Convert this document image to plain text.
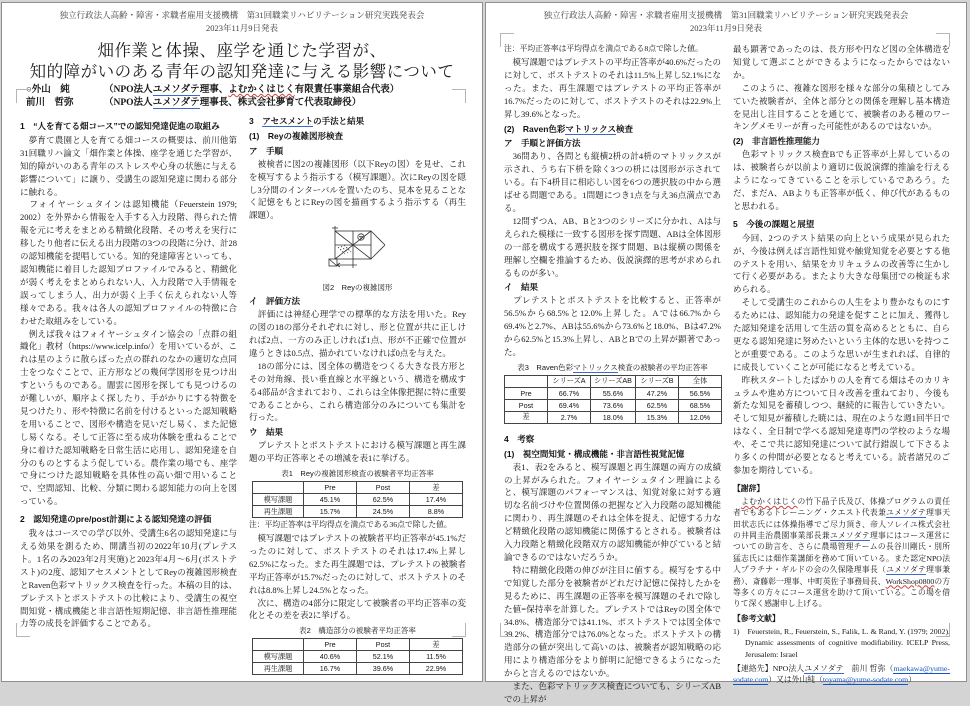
独立行政法人高齢・障害・求職者雇用支援機構　第31回職業リハビリテーション研究実践発表会
2023年11月9日発表
畑作業と体操、座学を通じた学習が、
知的障がいのある青年の認知発達に与える影響について
○外山　純	（NPO法人ユメソダテ理事、よむかくはじく有限責任事業組合代表）
前川　哲弥	（NPO法人ユメソダテ理事長、株式会社夢育て代表取締役）
1　“人を育てる畑コース”での認知発達促進の取組み

　夢育て農園と人を育てる畑コースの概要は、前川他第31回職リハ論文「畑作業と体操、座学を通じた学習が、知的障がいのある青年のストレスや心身の状態に与える影響について」に譲り、受講生の認知発達に関わる部分に触れる。

　フォイヤーシュタインは認知機能（Feuerstein 1979; 2002）を外界から情報を入手する入力段階、得られた情報を元に考えをまとめる精緻化段階、その考えを実行に移したり他者に伝える出力段階の3つの段階に分け、計28の認知機能を提唱している。知的発達障害といっても、認知機能に着目した認知プロファイルでみると、精緻化が弱く考えをまとめられない人、入力段階で入手情報を誤ってしまう人、出力が弱く上手く伝えられない人等様々である。我々は各人の認知プロファイルの特徴に合わせた取組みをしている。

　例えば我々はフォイヤーシュタイン協会の「点群の組織化」教材（https://www.icelp.info/）を用いているが、これは星のように散らばった点の群れのなかの適切な点同士をつなぐことで、正方形などの幾何学図形を見つけ出すというものである。闇雲に図形を探しても見つけるのが難しいが、順序よく探したり、手がかりにする特徴を見つけたり、形や特徴に名前を付けるといった認知戦略を用いることで、図形や構造を見いだし易く、また記憶し易くなる。そして正答に至る成功体験を重ねることで身に着けた認知戦略を日常生活に応用し、認知発達を自分のものとするよう促している。農作業の場でも、座学で身につけた認知戦略を具体性の高い畑で用いることで、空間認知、比較、分類に関わる認知能力の向上を図っている。

2　認知発達のpre/post計測による認知発達の評価

　我々はコースでの学び以外、受講生6名の認知発達に与える効果を測るため、開講当初の2022年10月(プレテスト。1名のみ2023年2月実施)と2023年4月～6月(ポストテスト)の2度、認知アセスメントとしてReyの複雑図形検査とRaven色彩マトリックス検査を行った。本稿の目的は、プレテストとポストテストの比較により、受講生の視空間知覚・構成機能と非言語性短期記憶、非言語性推理能力等の成長を評価することである。

3　アセスメントの手法と結果
(1)　Reyの複雑図形検査
ア　手順

　被検者に図2の複雑図形（以下Reyの図）を見せ、これを模写するよう指示する（模写課題）。次にReyの図を隠し3分間のインターバルを置いたのち、見本を見ることなく記憶をもとにReyの図を描画するよう指示する（再生課題）。

図2　Reyの複雑図形
イ　評価方法

　評価には神経心理学での標準的な方法を用いた。Reyの図の18の部分それぞれに対し、形と位置が共に正しければ2点、一方のみ正しければ1点、形が不正確で位置が違うときは0.5点、描かれていなければ0点を与えた。

　18の部分には、図全体の構造をつくる大きな長方形とその対角線、長い垂直線と水平線という、構造を構成する4部品が含まれており、これらは全体像把握に特に重要であることから、これら構造部分のみについても集計を行った。

ウ　結果

　プレテストとポストテストにおける模写課題と再生課題の平均正答率とその増減を表1に挙げる。

表1　Reyの複雑図形検査の被験者平均正答率
	Pre	Post	差
模写課題	45.1%	62.5%	17.4%
再生課題	15.7%	24.5%	8.8%
注：平均正答率は平均得点を満点である36点で除した値。

　模写課題ではプレテストの被験者平均正答率が45.1%だったのに対して、ポストテストのそれは17.4%上昇し62.5%になった。また再生課題では、プレテストの被験者平均正答率が15.7%だったのに対して、ポストテストのそれは8.8%上昇し24.5%となった。

　次に、構造の4部分に限定して被験者の平均正答率の変化とその差を表2に挙げる。

表2　構造部分の被験者平均正答率
	Pre	Post	差
模写課題	40.6%	52.1%	11.5%
再生課題	16.7%	39.6%	22.9%
独立行政法人高齢・障害・求職者雇用支援機構　第31回職業リハビリテーション研究実践発表会
2023年11月9日発表
注：平均正答率は平均得点を満点である8点で除した値。

　模写課題ではプレテストの平均正答率が40.6%だったのに対して、ポストテストのそれは11.5%上昇し52.1%になった。また、再生課題ではプレテストの平均正答率が16.7%だったのに対して、ポストテストのそれは22.9%上昇し39.6%となった。

(2)　Raven色彩マトリックス検査
ア　手順と評価方法

　36問あり、各問とも縦横2枡の計4枡のマトリックスが示され、うち右下枡を除く3つの枡には図形が示されている。右下4枡目に相応しい図を6つの選択肢の中から選ばせる問題である。1問題につき1点を与え36点満点である。

　12問ずつA、AB、Bと3つのシリーズに分かれ、Aは与えられた模様に一致する図形を探す問題、ABは全体図形の一部を構成する選択肢を探す問題、Bは縦横の関係を理解し空欄を推論するため、仮説演繹的思考が求められるものが多い。

イ　結果

　プレテストとポストテストを比較すると、正答率が56.5%から68.5%と12.0%上昇した。Aでは66.7%から69.4%と2.7%、ABは55.6%から73.6%と18.0%、Bは47.2%から62.5%と15.3%上昇し、ABとBでの上昇が顕著であった。

表3　Raven色彩マトリックス検査の被験者の平均正答率
	シリーズA	シリーズAB	シリーズB	全体
Pre	66.7%	55.6%	47.2%	56.5%
Post	69.4%	73.6%	62.5%	68.5%
差	2.7%	18.0%	15.3%	12.0%
4　考察
(1)　視空間知覚・構成機能・非言語性視覚記憶

　表1、表2をみると、模写課題と再生課題の両方の成績の上昇がみられた。フォイヤーシュタイン理論によると、模写課題のパフォーマンスは、知覚対象に対する適切な名前づけや位置関係の把握など入力段階の認知機能に関わり、再生課題のそれは全体を捉え、記憶する力など精緻化段階の認知機能に関係するとされる。被験者は入力段階と精緻化段階双方の認知機能が伸びていると結論できるのではないだろうか。

　特に精緻化段階の伸びが注目に値する。模写をする中で知覚した部分を被験者がどれだけ記憶に保持したかを見るために、再生課題の正答率を模写課題のそれで除した値=保持率を計算した。プレテストではReyの図全体で34.8%、構造部分では41.1%、ポストテストでは図全体で39.2%、構造部分では76.0%となった。ポストテストの構造部分の値が突出して高いのは、被験者が認知戦略の応用により構造部分をより鮮明に記憶できるようになったからと言えるのではないか。

　また、色彩マトリックス検査についても、シリーズABでの上昇が

最も顕著であったのは、長方形や円など図の全体構造を知覚して選ぶことができるようになったからではないか。

　このように、複雑な図形を様々な部分の集積としてみていた被験者が、全体と部分との関係を理解し基本構造を見出し注目することを通じて、被験者のある種のワーキングメモリーが育った可能性があるのではないか。

(2)　非言語性推理能力

　色彩マトリックス検査Bでも正答率が上昇しているのは、被験者らが以前より適切に仮説演繹的推論を行えるようになってきていることを示しているであろう。ただ、まだA、ABよりも正答率が低く、伸び代があるものと思われる。

5　今後の課題と展望

　今回、2つのテスト結果の向上という成果が見られたが、今後は例えば言語性知覚や触覚知覚を必要とする他のテストを用い、結果をカリキュラムの改善等に生かして行く必要がある。またより大きな母集団での検証も求められる。

　そして受講生のこれからの人生をより豊かなものにするためには、認知能力の発達を促すことに加え、獲得した認知発達を活用して生活の質を高めるとともに、自ら更なる認知発達に努めたいという主体的な思いを持つことが重要である。このような思いが生まれれば、自律的に成長していくことが可能になると考えている。

　昨秋スタートしたばかりの人を育てる畑はそのカリキュラムや進め方について日々改善を重ねており、今後も新たな知見を蓄積しつつ、継続的に報告していきたい。そして知見が蓄積した暁には、現在のような週1回半日ではなく、全日制で学べる認知発達専門の学校のような場や、そこで共に認知発達について試行錯誤して下さるより多くの仲間が必要となると考えている。読者諸兄のご参加を期待している。

【謝辞】

　よむかくはじくの竹下晶子氏及び、体操プログラムの責任者でもあるトレーニング・クエスト代表兼ユメソダテ理事天田状志氏には体操指導でご尽力頂き、帝人ソレイユ株式会社の井岡圭治農園事業部長兼ユメソダテ理事にはコース運営についての助言を、さらに農場管理チームの長谷川剛氏・別所猛志氏には畑作業講師を務めて頂いている。また認定NPO法人プラチナ・ギルドの会の久保隆理事長（ユメソダテ理事兼務）、斎藤彰一理事、中町英佐子事務局長、WorkShop0800の方等多くの方々にコース運営を助けて頂いている。この場を借りて深く感謝申し上げる。

【参考文献】

1)　Feuerstein, R., Feuerstein, S., Falik, L. & Rand, Y. (1979; 2002). Dynamic assessments of cognitive modifiability. ICELP Press, Jerusalem: Israel

【連絡先】NPO法人ユメソダテ　前川 哲弥（maekawa@yume-sodate.com）又は外山純（toyama@yume-sodate.com）
